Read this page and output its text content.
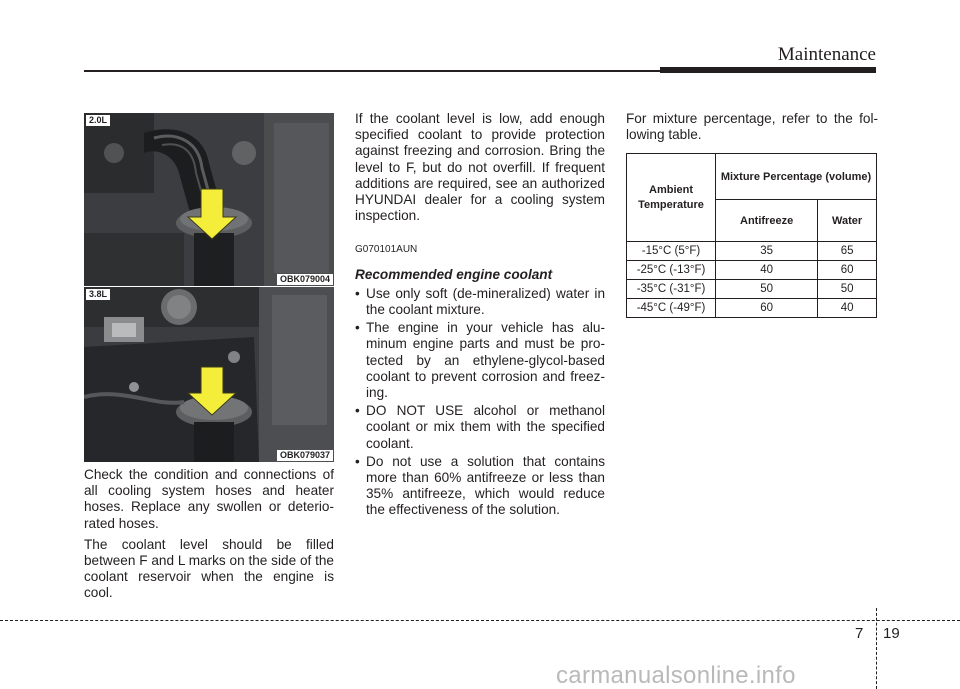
Maintenance
2.0L
OBK079004
3.8L
OBK079037

Check the condition and connections of all cooling system hoses and heater hoses. Replace any swollen or deterio-rated hoses.

The coolant level should be filled between F and L marks on the side of the coolant reservoir when the engine is cool.

If the coolant level is low, add enough specified coolant to provide protection against freezing and corrosion. Bring the level to F, but do not overfill. If frequent additions are required, see an authorized HYUNDAI dealer for a cooling system inspection.

G070101AUN
Recommended engine coolant
• Use only soft (de-mineralized) water in the coolant mixture.
• The engine in your vehicle has alu-minum engine parts and must be pro-tected by an ethylene-glycol-based coolant to prevent corrosion and freez-ing.
• DO NOT USE alcohol or methanol coolant or mix them with the specified coolant.
• Do not use a solution that contains more than 60% antifreeze or less than 35% antifreeze, which would reduce the effectiveness of the solution.

For mixture percentage, refer to the fol-lowing table.

Ambient Temperature	Mixture Percentage (volume)	
	Antifreeze	Water
-15°C (5°F)	35	65
-25°C (-13°F)	40	60
-35°C (-31°F)	50	50
-45°C (-49°F)	60	40
7 19
carmanualsonline.info
